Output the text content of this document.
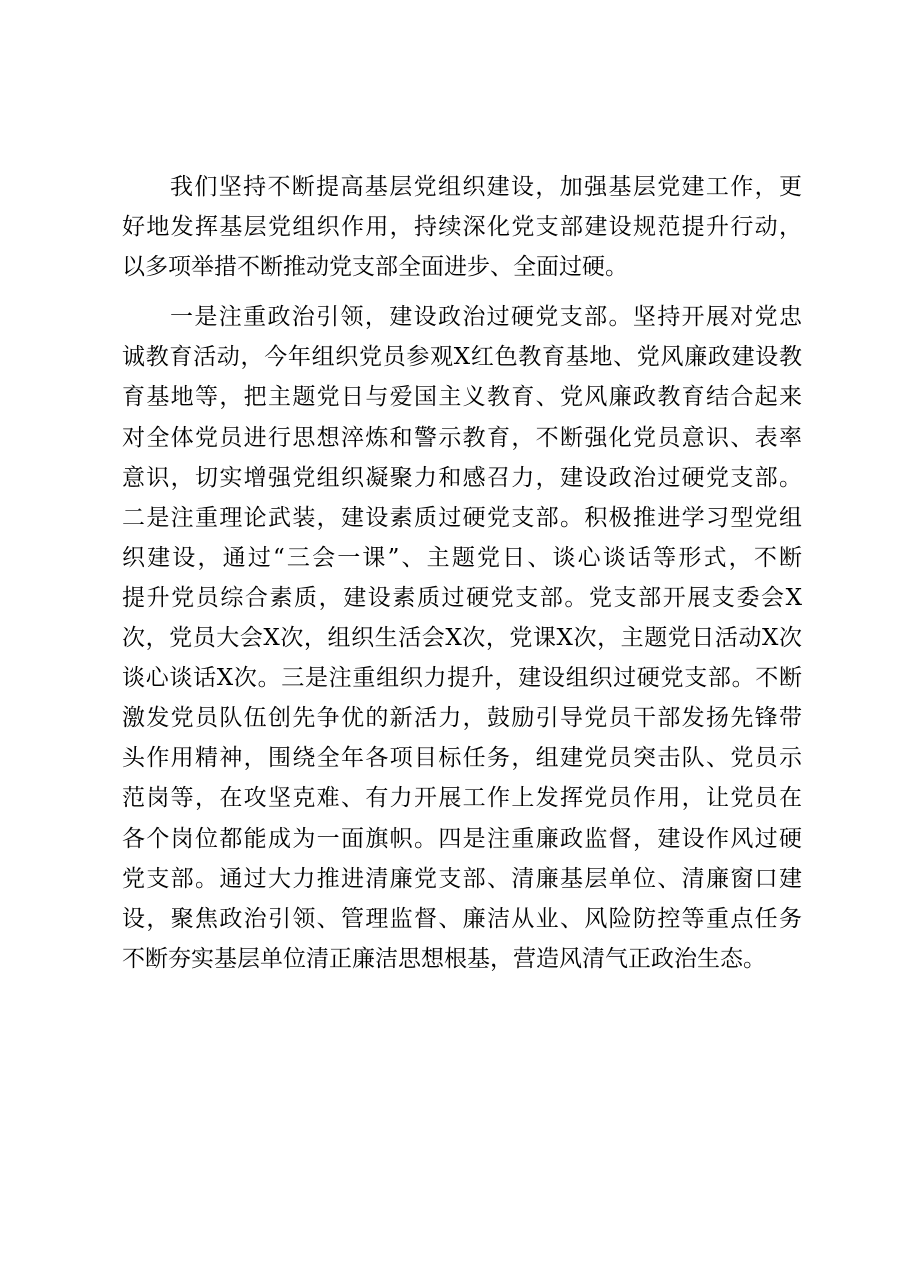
我们坚持不断提高基层党组织建设，加强基层党建工作，更
好地发挥基层党组织作用，持续深化党支部建设规范提升行动，
以多项举措不断推动党支部全面进步、全面过硬。
一是注重政治引领，建设政治过硬党支部。坚持开展对党忠
诚教育活动，今年组织党员参观X红色教育基地、党风廉政建设教
育基地等，把主题党日与爱国主义教育、党风廉政教育结合起来
对全体党员进行思想淬炼和警示教育，不断强化党员意识、表率
意识，切实增强党组织凝聚力和感召力，建设政治过硬党支部。
二是注重理论武装，建设素质过硬党支部。积极推进学习型党组
织建设，通过“三会一课”、主题党日、谈心谈话等形式，不断
提升党员综合素质，建设素质过硬党支部。党支部开展支委会X
次，党员大会X次，组织生活会X次，党课X次，主题党日活动X次
谈心谈话X次。三是注重组织力提升，建设组织过硬党支部。不断
激发党员队伍创先争优的新活力，鼓励引导党员干部发扬先锋带
头作用精神，围绕全年各项目标任务，组建党员突击队、党员示
范岗等，在攻坚克难、有力开展工作上发挥党员作用，让党员在
各个岗位都能成为一面旗帜。四是注重廉政监督，建设作风过硬
党支部。通过大力推进清廉党支部、清廉基层单位、清廉窗口建
设，聚焦政治引领、管理监督、廉洁从业、风险防控等重点任务
不断夯实基层单位清正廉洁思想根基，营造风清气正政治生态。
